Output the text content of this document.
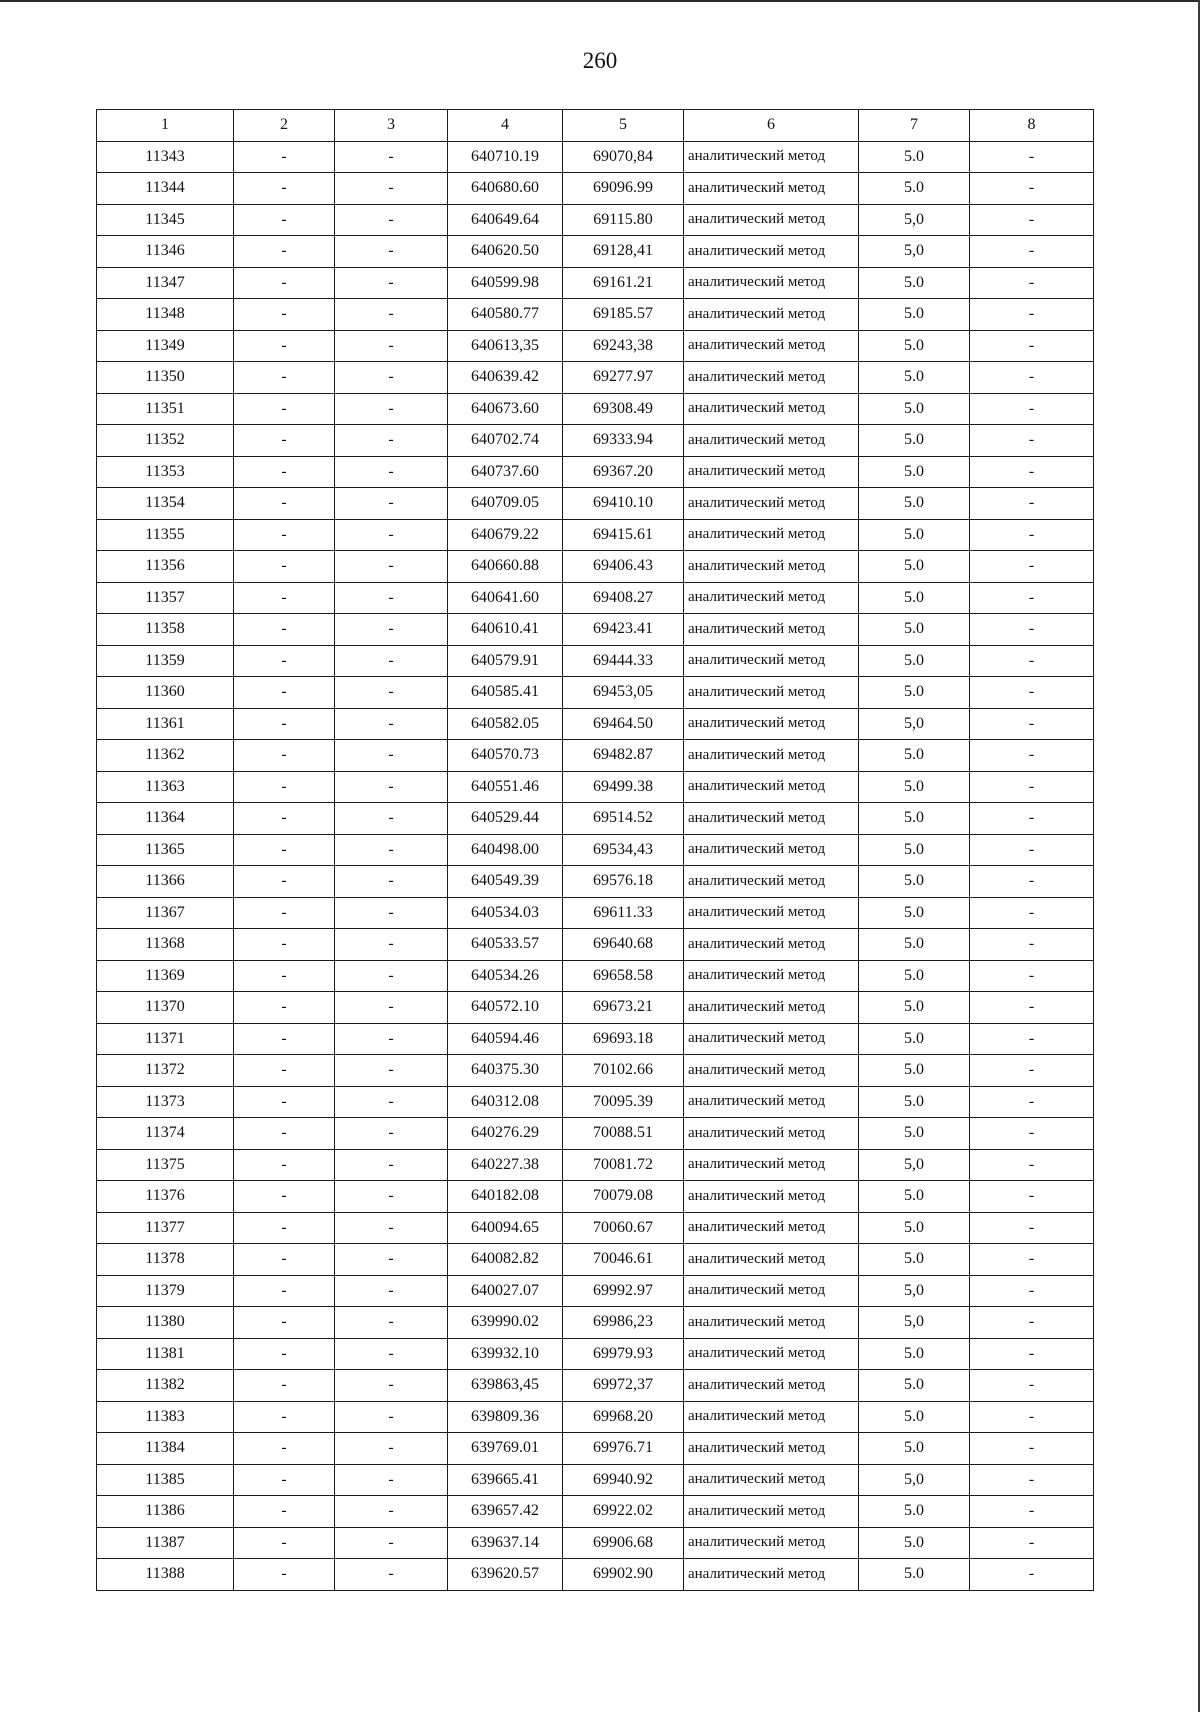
260
1	2	3	4	5	6	7	8
11343	-	-	640710.19	69070,84	аналитический метод	5.0	-
11344	-	-	640680.60	69096.99	аналитический метод	5.0	-
11345	-	-	640649.64	69115.80	аналитический метод	5,0	-
11346	-	-	640620.50	69128,41	аналитический метод	5,0	-
11347	-	-	640599.98	69161.21	аналитический метод	5.0	-
11348	-	-	640580.77	69185.57	аналитический метод	5.0	-
11349	-	-	640613,35	69243,38	аналитический метод	5.0	-
11350	-	-	640639.42	69277.97	аналитический метод	5.0	-
11351	-	-	640673.60	69308.49	аналитический метод	5.0	-
11352	-	-	640702.74	69333.94	аналитический метод	5.0	-
11353	-	-	640737.60	69367.20	аналитический метод	5.0	-
11354	-	-	640709.05	69410.10	аналитический метод	5.0	-
11355	-	-	640679.22	69415.61	аналитический метод	5.0	-
11356	-	-	640660.88	69406.43	аналитический метод	5.0	-
11357	-	-	640641.60	69408.27	аналитический метод	5.0	-
11358	-	-	640610.41	69423.41	аналитический метод	5.0	-
11359	-	-	640579.91	69444.33	аналитический метод	5.0	-
11360	-	-	640585.41	69453,05	аналитический метод	5.0	-
11361	-	-	640582.05	69464.50	аналитический метод	5,0	-
11362	-	-	640570.73	69482.87	аналитический метод	5.0	-
11363	-	-	640551.46	69499.38	аналитический метод	5.0	-
11364	-	-	640529.44	69514.52	аналитический метод	5.0	-
11365	-	-	640498.00	69534,43	аналитический метод	5.0	-
11366	-	-	640549.39	69576.18	аналитический метод	5.0	-
11367	-	-	640534.03	69611.33	аналитический метод	5.0	-
11368	-	-	640533.57	69640.68	аналитический метод	5.0	-
11369	-	-	640534.26	69658.58	аналитический метод	5.0	-
11370	-	-	640572.10	69673.21	аналитический метод	5.0	-
11371	-	-	640594.46	69693.18	аналитический метод	5.0	-
11372	-	-	640375.30	70102.66	аналитический метод	5.0	-
11373	-	-	640312.08	70095.39	аналитический метод	5.0	-
11374	-	-	640276.29	70088.51	аналитический метод	5.0	-
11375	-	-	640227.38	70081.72	аналитический метод	5,0	-
11376	-	-	640182.08	70079.08	аналитический метод	5.0	-
11377	-	-	640094.65	70060.67	аналитический метод	5.0	-
11378	-	-	640082.82	70046.61	аналитический метод	5.0	-
11379	-	-	640027.07	69992.97	аналитический метод	5,0	-
11380	-	-	639990.02	69986,23	аналитический метод	5,0	-
11381	-	-	639932.10	69979.93	аналитический метод	5.0	-
11382	-	-	639863,45	69972,37	аналитический метод	5.0	-
11383	-	-	639809.36	69968.20	аналитический метод	5.0	-
11384	-	-	639769.01	69976.71	аналитический метод	5.0	-
11385	-	-	639665.41	69940.92	аналитический метод	5,0	-
11386	-	-	639657.42	69922.02	аналитический метод	5.0	-
11387	-	-	639637.14	69906.68	аналитический метод	5.0	-
11388	-	-	639620.57	69902.90	аналитический метод	5.0	-
